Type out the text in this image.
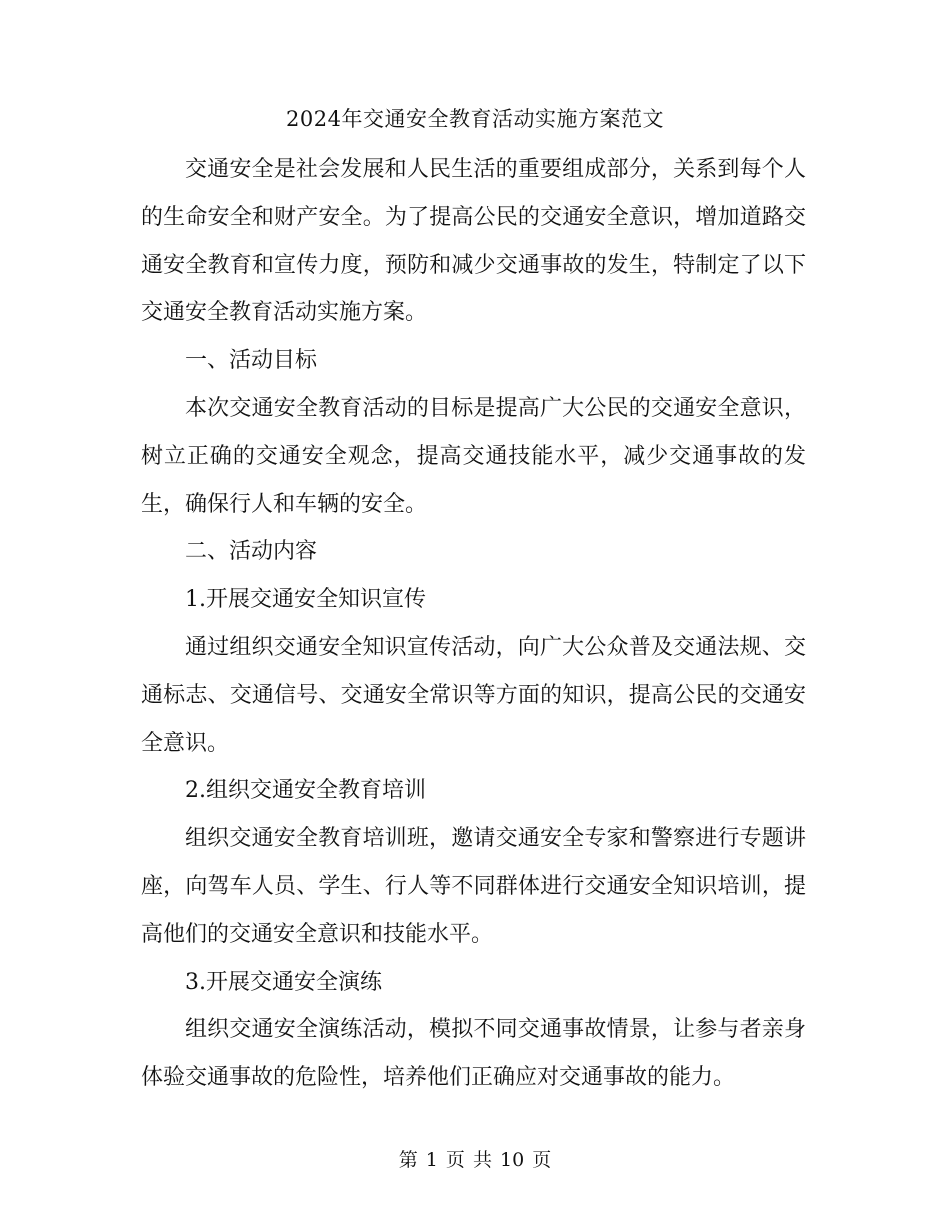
2024年交通安全教育活动实施方案范文

交通安全是社会发展和人民生活的重要组成部分，关系到每个人的生命安全和财产安全。为了提高公民的交通安全意识，增加道路交通安全教育和宣传力度，预防和减少交通事故的发生，特制定了以下交通安全教育活动实施方案。

一、活动目标

本次交通安全教育活动的目标是提高广大公民的交通安全意识，树立正确的交通安全观念，提高交通技能水平，减少交通事故的发生，确保行人和车辆的安全。

二、活动内容

1.开展交通安全知识宣传

通过组织交通安全知识宣传活动，向广大公众普及交通法规、交通标志、交通信号、交通安全常识等方面的知识，提高公民的交通安全意识。

2.组织交通安全教育培训

组织交通安全教育培训班，邀请交通安全专家和警察进行专题讲座，向驾车人员、学生、行人等不同群体进行交通安全知识培训，提高他们的交通安全意识和技能水平。

3.开展交通安全演练

组织交通安全演练活动，模拟不同交通事故情景，让参与者亲身体验交通事故的危险性，培养他们正确应对交通事故的能力。

第 1 页 共 10 页
